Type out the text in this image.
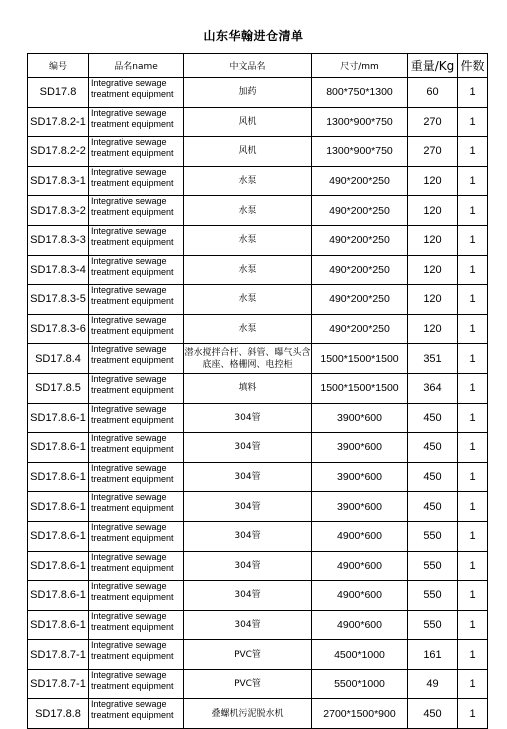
山东华翰进仓清单
编号	品名name	中文品名	尺寸/mm	重量/Kg	件数
SD17.8	Integrative sewage treatment equipment	加药	800*750*1300	60	1
SD17.8.2-1	Integrative sewage treatment equipment	风机	1300*900*750	270	1
SD17.8.2-2	Integrative sewage treatment equipment	风机	1300*900*750	270	1
SD17.8.3-1	Integrative sewage treatment equipment	水泵	490*200*250	120	1
SD17.8.3-2	Integrative sewage treatment equipment	水泵	490*200*250	120	1
SD17.8.3-3	Integrative sewage treatment equipment	水泵	490*200*250	120	1
SD17.8.3-4	Integrative sewage treatment equipment	水泵	490*200*250	120	1
SD17.8.3-5	Integrative sewage treatment equipment	水泵	490*200*250	120	1
SD17.8.3-6	Integrative sewage treatment equipment	水泵	490*200*250	120	1
SD17.8.4	Integrative sewage treatment equipment	潜水搅拌合杆、斜管、曝气头含底座、格栅网、电控柜	1500*1500*1500	351	1
SD17.8.5	Integrative sewage treatment equipment	填料	1500*1500*1500	364	1
SD17.8.6-1	Integrative sewage treatment equipment	304管	3900*600	450	1
SD17.8.6-1	Integrative sewage treatment equipment	304管	3900*600	450	1
SD17.8.6-1	Integrative sewage treatment equipment	304管	3900*600	450	1
SD17.8.6-1	Integrative sewage treatment equipment	304管	3900*600	450	1
SD17.8.6-1	Integrative sewage treatment equipment	304管	4900*600	550	1
SD17.8.6-1	Integrative sewage treatment equipment	304管	4900*600	550	1
SD17.8.6-1	Integrative sewage treatment equipment	304管	4900*600	550	1
SD17.8.6-1	Integrative sewage treatment equipment	304管	4900*600	550	1
SD17.8.7-1	Integrative sewage treatment equipment	PVC管	4500*1000	161	1
SD17.8.7-1	Integrative sewage treatment equipment	PVC管	5500*1000	49	1
SD17.8.8	Integrative sewage treatment equipment	叠螺机污泥脱水机	2700*1500*900	450	1
